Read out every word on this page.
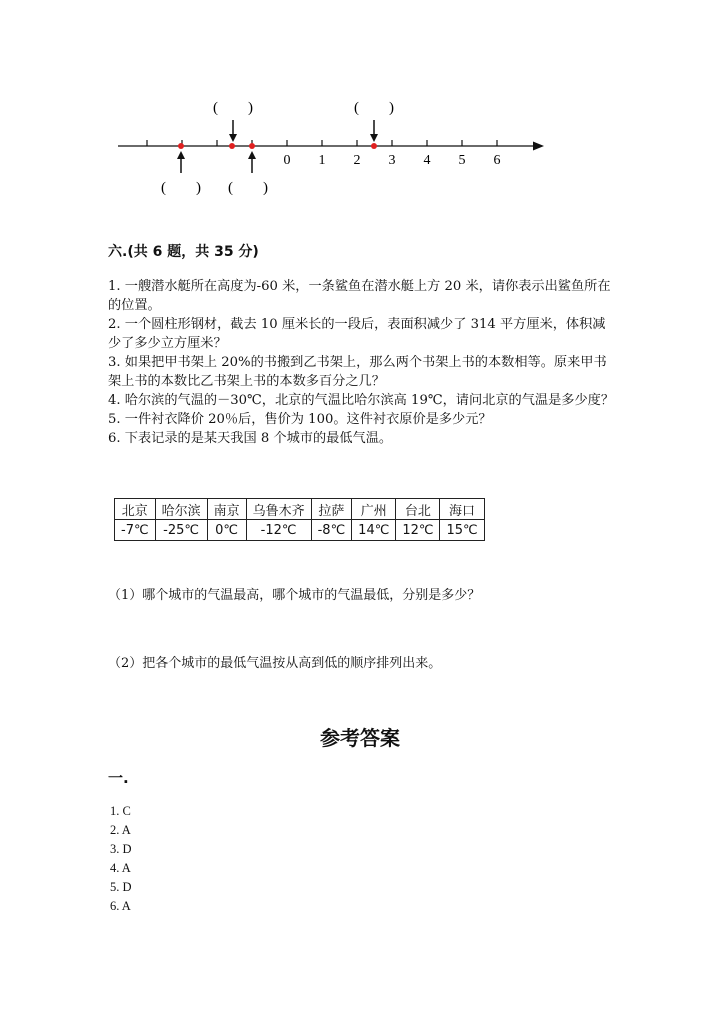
0 1 2 3 4 5 6
(　　)	(　　)
(　　) (　　)
六.(共 6 题，共 35 分)

1. 一艘潜水艇所在高度为-60 米，一条鲨鱼在潜水艇上方 20 米，请你表示出鲨鱼所在的位置。

2. 一个圆柱形钢材，截去 10 厘米长的一段后，表面积减少了 314 平方厘米，体积减少了多少立方厘米？

3. 如果把甲书架上 20%的书搬到乙书架上，那么两个书架上书的本数相等。原来甲书架上书的本数比乙书架上书的本数多百分之几？

4. 哈尔滨的气温的－30℃，北京的气温比哈尔滨高 19℃，请问北京的气温是多少度？

5. 一件衬衣降价 20％后，售价为 100。这件衬衣原价是多少元？

6. 下表记录的是某天我国 8 个城市的最低气温。

北京	哈尔滨	南京	乌鲁木齐	拉萨	广州	台北	海口
-7℃	-25℃	0℃	-12℃	-8℃	14℃	12℃	15℃
（1）哪个城市的气温最高，哪个城市的气温最低，分别是多少？
（2）把各个城市的最低气温按从高到低的顺序排列出来。
参考答案
一.
1. C
2. A
3. D
4. A
5. D
6. A
